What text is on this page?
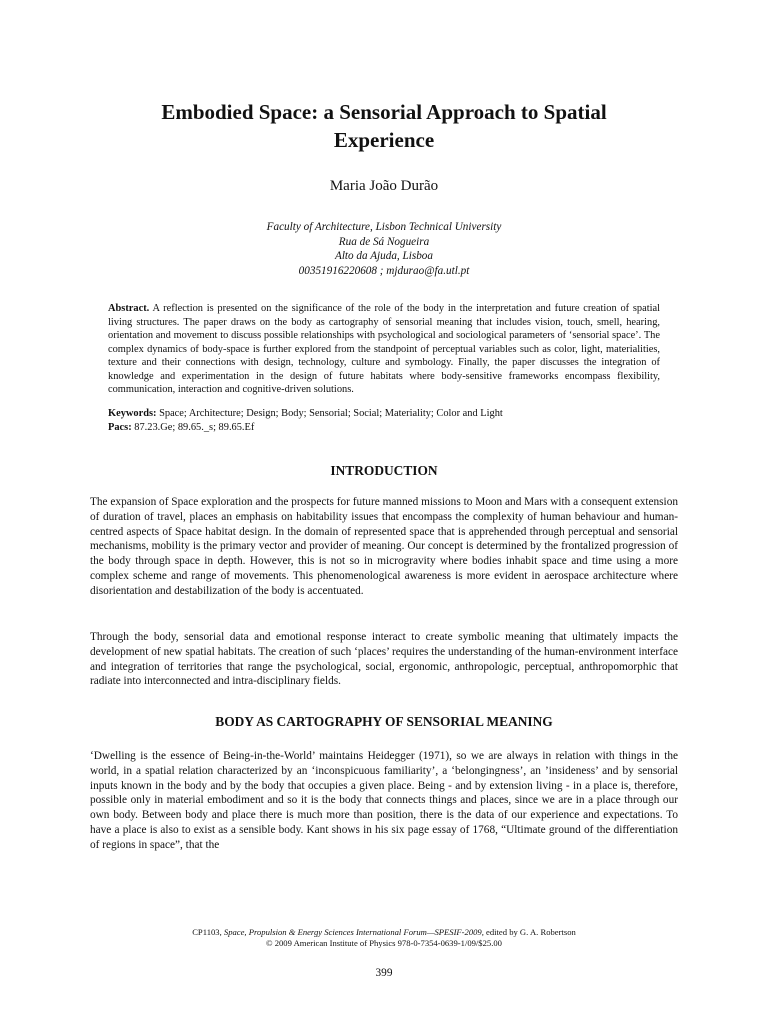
Embodied Space: a Sensorial Approach to Spatial
Experience
Maria João Durão
Faculty of Architecture, Lisbon Technical University
Rua de Sá Nogueira
Alto da Ajuda, Lisboa
00351916220608 ; mjdurao@fa.utl.pt
Abstract. A reflection is presented on the significance of the role of the body in the interpretation and future creation of spatial living structures. The paper draws on the body as cartography of sensorial meaning that includes vision, touch, smell, hearing, orientation and movement to discuss possible relationships with psychological and sociological parameters of ‘sensorial space’. The complex dynamics of body-space is further explored from the standpoint of perceptual variables such as color, light, materialities, texture and their connections with design, technology, culture and symbology. Finally, the paper discusses the integration of knowledge and experimentation in the design of future habitats where body-sensitive frameworks encompass flexibility, communication, interaction and cognitive-driven solutions.
Keywords: Space; Architecture; Design; Body; Sensorial; Social; Materiality; Color and Light
Pacs: 87.23.Ge; 89.65._s; 89.65.Ef
INTRODUCTION
The expansion of Space exploration and the prospects for future manned missions to Moon and Mars with a consequent extension of duration of travel, places an emphasis on habitability issues that encompass the complexity of human behaviour and human-centred aspects of Space habitat design. In the domain of represented space that is apprehended through perceptual and sensorial mechanisms, mobility is the primary vector and provider of meaning. Our concept is determined by the frontalized progression of the body through space in depth. However, this is not so in microgravity where bodies inhabit space and time using a more complex scheme and range of movements. This phenomenological awareness is more evident in aerospace architecture where disorientation and destabilization of the body is accentuated.
Through the body, sensorial data and emotional response interact to create symbolic meaning that ultimately impacts the development of new spatial habitats. The creation of such ‘places’ requires the understanding of the human-environment interface and integration of territories that range the psychological, social, ergonomic, anthropologic, perceptual, anthropomorphic that radiate into interconnected and intra-disciplinary fields.
BODY AS CARTOGRAPHY OF SENSORIAL MEANING
‘Dwelling is the essence of Being-in-the-World’ maintains Heidegger (1971), so we are always in relation with things in the world, in a spatial relation characterized by an ‘inconspicuous familiarity’, a ‘belongingness’, an ’insideness’ and by sensorial inputs known in the body and by the body that occupies a given place. Being - and by extension living - in a place is, therefore, possible only in material embodiment and so it is the body that connects things and places, since we are in a place through our own body. Between body and place there is much more than position, there is the data of our experience and expectations. To have a place is also to exist as a sensible body. Kant shows in his six page essay of 1768, “Ultimate ground of the differentiation of regions in space”, that the
CP1103, Space, Propulsion & Energy Sciences International Forum—SPESIF-2009, edited by G. A. Robertson
© 2009 American Institute of Physics 978-0-7354-0639-1/09/$25.00
399
